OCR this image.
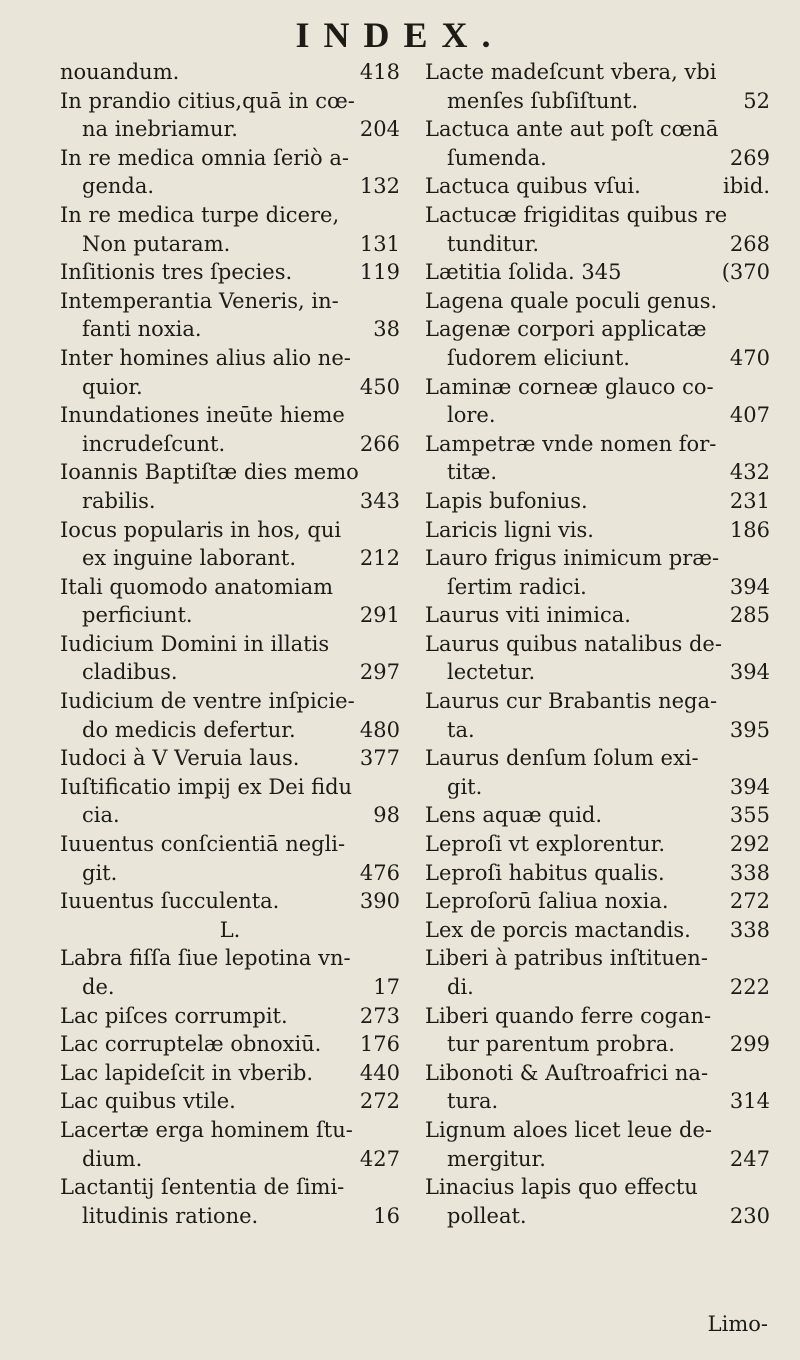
INDEX.
nouandum.	418
In prandio citius,quā in cœ-
na inebriamur.	204
In re medica omnia ſeriò a-
genda.	132
In re medica turpe dicere,
Non putaram.	131
Inſitionis tres ſpecies.	119
Intemperantia Veneris, in-
fanti noxia.	38
Inter homines alius alio ne-
quior.	450
Inundationes ineūte hieme
incrudeſcunt.	266
Ioannis Baptiſtæ dies memo
rabilis.	343
Iocus popularis in hos, qui
ex inguine laborant.	212
Itali quomodo anatomiam
perficiunt.	291
Iudicium Domini in illatis
cladibus.	297
Iudicium de ventre inſpicie-
do medicis defertur.	480
Iudoci à V Veruia laus.	377
Iuſtificatio impij ex Dei fidu
cia.	98
Iuuentus conſcientiā negli-
git.	476
Iuuentus ſucculenta.	390
L.
Labra fiſſa ſiue lepotina vn-
de.	17
Lac piſces corrumpit.	273
Lac corruptelæ obnoxiū. 176
Lac lapideſcit in vberib. 440
Lac quibus vtile.	272
Lacertæ erga hominem ſtu-
dium.	427
Lactantij ſententia de ſimi-
litudinis ratione.	16
Lacte madeſcunt vbera, vbi
menſes ſubſiſtunt.	52
Lactuca ante aut poſt cœnā
ſumenda.	269
Lactuca quibus vſui.	ibid.
Lactucæ frigiditas quibus re
tunditur.	268
Lætitia ſolida. 345	(370
Lagena quale poculi genus.
Lagenæ corpori applicatæ
ſudorem eliciunt.	470
Laminæ corneæ glauco co-
lore.	407
Lampetræ vnde nomen for-
titæ.	432
Lapis bufonius.	231
Laricis ligni vis.	186
Lauro frigus inimicum præ-
ſertim radici.	394
Laurus viti inimica.	285
Laurus quibus natalibus de-
lectetur.	394
Laurus cur Brabantis nega-
ta.	395
Laurus denſum ſolum exi-
git.	394
Lens aquæ quid.	355
Leproſi vt explorentur.	292
Leproſi habitus qualis.	338
Leproſorū ſaliua noxia.	272
Lex de porcis mactandis. 338
Liberi à patribus inſtituen-
di.	222
Liberi quando ferre cogan-
tur parentum probra.	299
Libonoti & Auſtroafrici na-
tura.	314
Lignum aloes licet leue de-
mergitur.	247
Linacius lapis quo effectu
polleat.	230
Limo-
